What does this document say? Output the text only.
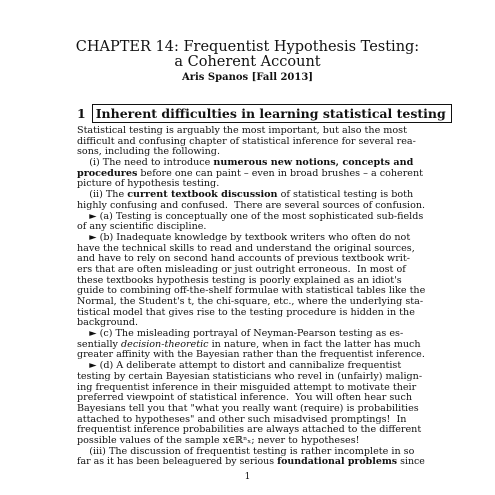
CHAPTER 14: Frequentist Hypothesis Testing:
a Coherent Account
Aris Spanos [Fall 2013]
1 Inherent difficulties in learning statistical testing
Statistical testing is arguably the most important, but also the most
difficult and confusing chapter of statistical inference for several rea-
sons, including the following.
(i) The need to introduce numerous new notions, concepts and
procedures before one can paint – even in broad brushes – a coherent
picture of hypothesis testing.
(ii) The current textbook discussion of statistical testing is both
highly confusing and confused.  There are several sources of confusion.
► (a) Testing is conceptually one of the most sophisticated sub-fields
of any scientific discipline.
► (b) Inadequate knowledge by textbook writers who often do not
have the technical skills to read and understand the original sources,
and have to rely on second hand accounts of previous textbook writ-
ers that are often misleading or just outright erroneous.  In most of
these textbooks hypothesis testing is poorly explained as an idiot's
guide to combining off-the-shelf formulae with statistical tables like the
Normal, the Student's t, the chi-square, etc., where the underlying sta-
tistical model that gives rise to the testing procedure is hidden in the
background.
► (c) The misleading portrayal of Neyman-Pearson testing as es-
sentially decision-theoretic in nature, when in fact the latter has much
greater affinity with the Bayesian rather than the frequentist inference.
► (d) A deliberate attempt to distort and cannibalize frequentist
testing by certain Bayesian statisticians who revel in (unfairly) malign-
ing frequentist inference in their misguided attempt to motivate their
preferred viewpoint of statistical inference.  You will often hear such
Bayesians tell you that "what you really want (require) is probabilities
attached to hypotheses" and other such misadvised promptings!  In
frequentist inference probabilities are always attached to the different
possible values of the sample x∈ℝⁿₓ; never to hypotheses!
(iii) The discussion of frequentist testing is rather incomplete in so
far as it has been beleaguered by serious foundational problems since
1
